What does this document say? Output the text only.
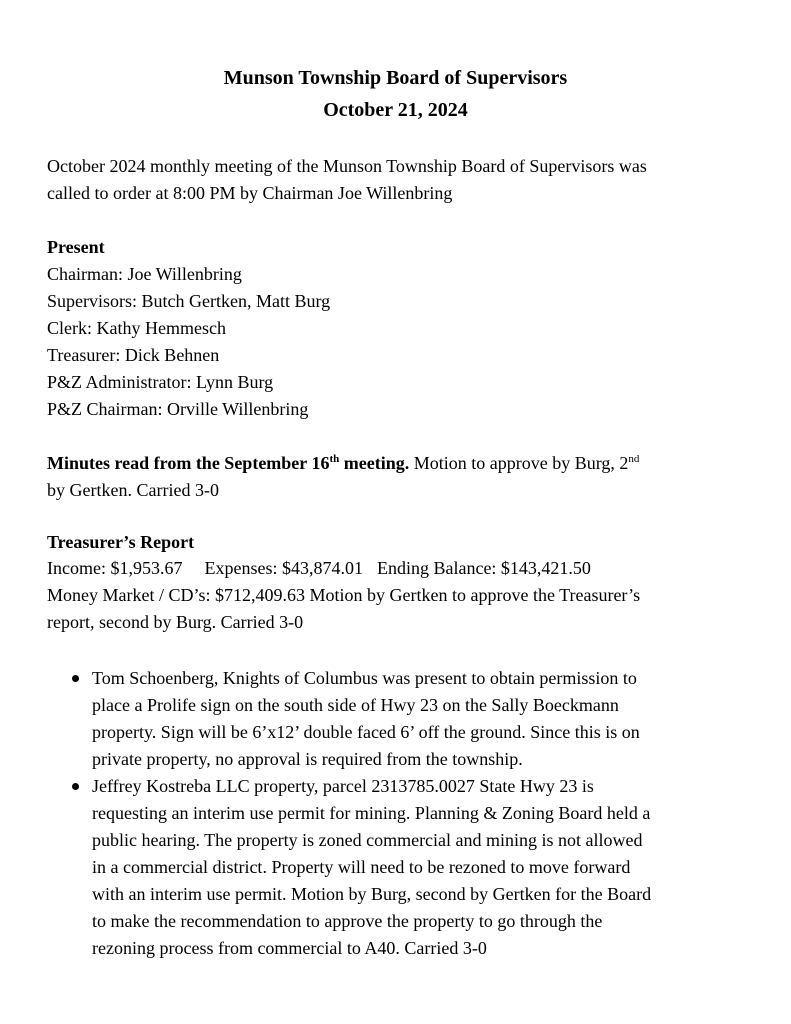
Munson Township Board of Supervisors
October 21, 2024
October 2024 monthly meeting of the Munson Township Board of Supervisors was
called to order at 8:00 PM by Chairman Joe Willenbring
Present
Chairman: Joe Willenbring
Supervisors: Butch Gertken, Matt Burg
Clerk: Kathy Hemmesch
Treasurer: Dick Behnen
P&Z Administrator: Lynn Burg
P&Z Chairman: Orville Willenbring
Minutes read from the September 16th meeting. Motion to approve by Burg, 2nd
by Gertken. Carried 3-0
Treasurer’s Report
Income: $1,953.67 Expenses: $43,874.01 Ending Balance: $143,421.50
Money Market / CD’s: $712,409.63 Motion by Gertken to approve the Treasurer’s
report, second by Burg. Carried 3-0
Tom Schoenberg, Knights of Columbus was present to obtain permission to
place a Prolife sign on the south side of Hwy 23 on the Sally Boeckmann
property. Sign will be 6’x12’ double faced 6’ off the ground. Since this is on
private property, no approval is required from the township.
Jeffrey Kostreba LLC property, parcel 2313785.0027 State Hwy 23 is
requesting an interim use permit for mining. Planning & Zoning Board held a
public hearing. The property is zoned commercial and mining is not allowed
in a commercial district. Property will need to be rezoned to move forward
with an interim use permit. Motion by Burg, second by Gertken for the Board
to make the recommendation to approve the property to go through the
rezoning process from commercial to A40. Carried 3-0
